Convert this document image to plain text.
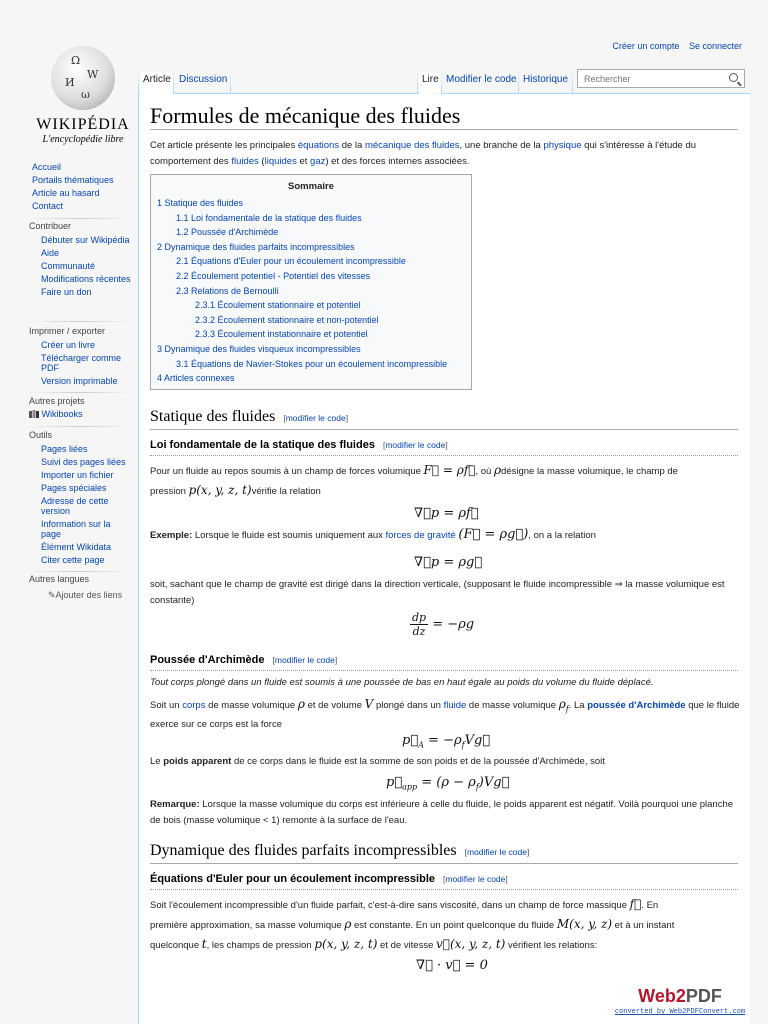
Ω
W
И
ω
WIKIPÉDIA
L'encyclopédie libre
Créer un compte Se connecter
Article Discussion	Lire Modifier le code Historique
Rechercher
Accueil
Portails thématiques
Article au hasard
Contact
Contribuer
Débuter sur Wikipédia
Aide
Communauté
Modifications récentes
Faire un don
Imprimer / exporter
Créer un livre
Télécharger comme PDF
Version imprimable
Autres projets
Wikibooks
Outils
Pages liées
Suivi des pages liées
Importer un fichier
Pages spéciales
Adresse de cette version
Information sur la page
Élément Wikidata
Citer cette page
Autres langues
✎Ajouter des liens
Formules de mécanique des fluides
Cet article présente les principales équations de la mécanique des fluides, une branche de la physique qui s'intéresse à l'étude du comportement des fluides (liquides et gaz) et des forces internes associées.
Sommaire
1 Statique des fluides
1.1 Loi fondamentale de la statique des fluides
1.2 Poussée d'Archimède
2 Dynamique des fluides parfaits incompressibles
2.1 Équations d'Euler pour un écoulement incompressible
2.2 Écoulement potentiel - Potentiel des vitesses
2.3 Relations de Bernoulli
2.3.1 Écoulement stationnaire et potentiel
2.3.2 Écoulement stationnaire et non-potentiel
2.3.3 Écoulement instationnaire et potentiel
3 Dynamique des fluides visqueux incompressibles
3.1 Équations de Navier-Stokes pour un écoulement incompressible
4 Articles connexes
Statique des fluides [ modifier le code ]
Loi fondamentale de la statique des fluides [ modifier le code ]
Pour un fluide au repos soumis à un champ de forces volumique F⃗ = ρf⃗, où ρdésigne la masse volumique, le champ de
pression p(x, y, z, t)vérifie la relation
∇⃗p = ρf⃗
Exemple: Lorsque le fluide est soumis uniquement aux forces de gravité (F⃗ = ρg⃗), on a la relation
∇⃗p = ρg⃗
soit, sachant que le champ de gravité est dirigé dans la direction verticale, (supposant le fluide incompressible ⇒ la masse volumique est constante)
$\frac{dp}{dz} = -\rho g$
Poussée d'Archimède [ modifier le code ]
Tout corps plongé dans un fluide est soumis à une poussée de bas en haut égale au poids du volume du fluide déplacé.
Soit un corps de masse volumique ρ et de volume V plongé dans un fluide de masse volumique $\rho_f$. La poussée d'Archimède que le fluide exerce sur ce corps est la force
$p⃗_A$ = $-\rho_fVg⃗$
Le poids apparent de ce corps dans le fluide est la somme de son poids et de la poussée d'Archimède, soit
$p⃗_{app} = (\rho$ − $\rho_f)Vg⃗$
Remarque: Lorsque la masse volumique du corps est inférieure à celle du fluide, le poids apparent est négatif. Voilà pourquoi une planche de bois (masse volumique < 1) remonte à la surface de l'eau.
Dynamique des fluides parfaits incompressibles [ modifier le code ]
Équations d'Euler pour un écoulement incompressible [ modifier le code ]
Soit l'écoulement incompressible d'un fluide parfait, c'est-à-dire sans viscosité, dans un champ de force massique f⃗. En
première approximation, sa masse volumique ρ est constante. En un point quelconque du fluide M(x, y, z) et à un instant
quelconque t, les champs de pression p(x, y, z, t) et de vitesse v⃗(x, y, z, t) vérifient les relations:
∇⃗ · v⃗ = 0
Web2PDF
converted by Web2PDFConvert.com
